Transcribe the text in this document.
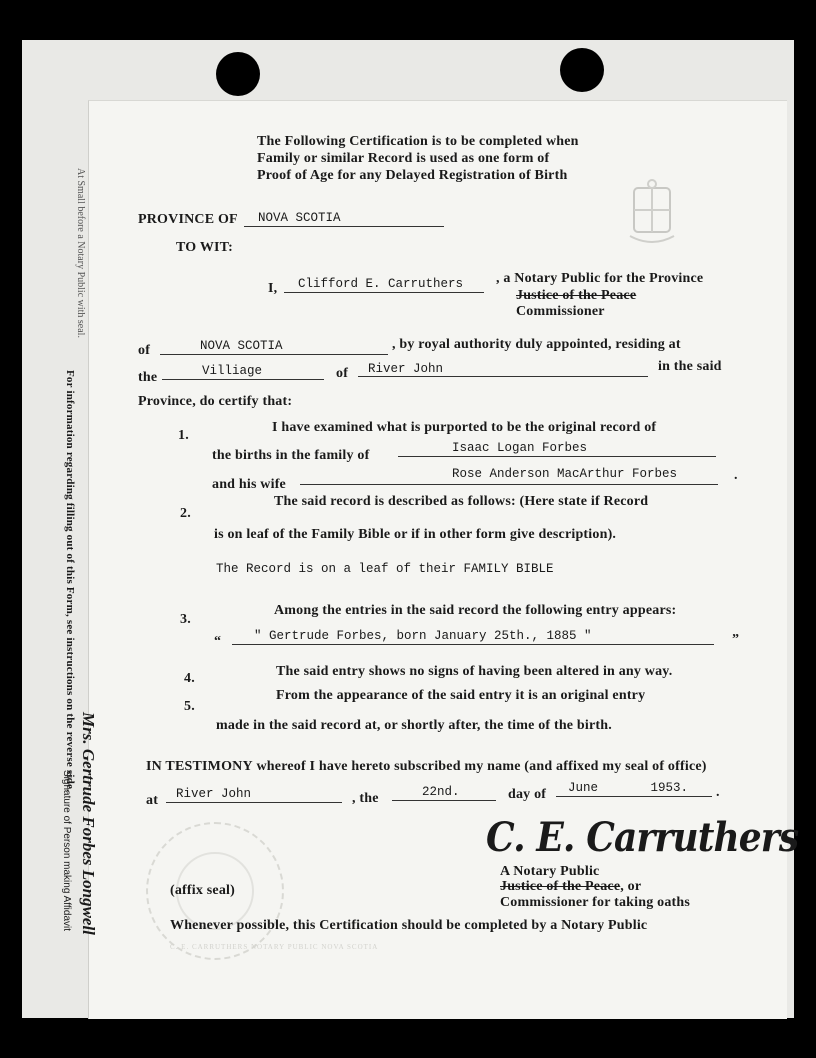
At Small before a Notary Public with seal.
For information regarding filling out of this Form, see instructions on the reverse side.
Signature of Person making Affidavit Mrs. Gertrude Forbes Longwell
The Following Certification is to be completed when
Family or similar Record is used as one form of
Proof of Age for any Delayed Registration of Birth
PROVINCE OF NOVA SCOTIA
TO WIT:
I, Clifford E. Carruthers , a Notary Public for the Province
Justice of the Peace
Commissioner
of	NOVA SCOTIA	, by royal authority duly appointed, residing at
the	Villiage	of River John	in the said
Province, do certify that:
1.
I have examined what is purported to be the original record of
the births in the family of	Isaac Logan Forbes
and his wife
Rose Anderson MacArthur Forbes	.
2.
The said record is described as follows: (Here state if Record
is on leaf of the Family Bible or if in other form give description).
The Record is on a leaf of their FAMILY BIBLE
3.
Among the entries in the said record the following entry appears:
“	" Gertrude Forbes, born January 25th., 1885 "	”
4.	The said entry shows no signs of having been altered in any way.
5.
From the appearance of the said entry it is an original entry
made in the said record at, or shortly after, the time of the birth.
IN TESTIMONY whereof I have hereto subscribed my name (and affixed my seal of office)
at River John	, the	22nd.	day of June       1953. .
C. E. Carruthers
A Notary Public
Justice of the Peace, or
Commissioner for taking oaths
C. E. CARRUTHERS NOTARY PUBLIC NOVA SCOTIA
(affix seal)
Whenever possible, this Certification should be completed by a Notary Public
